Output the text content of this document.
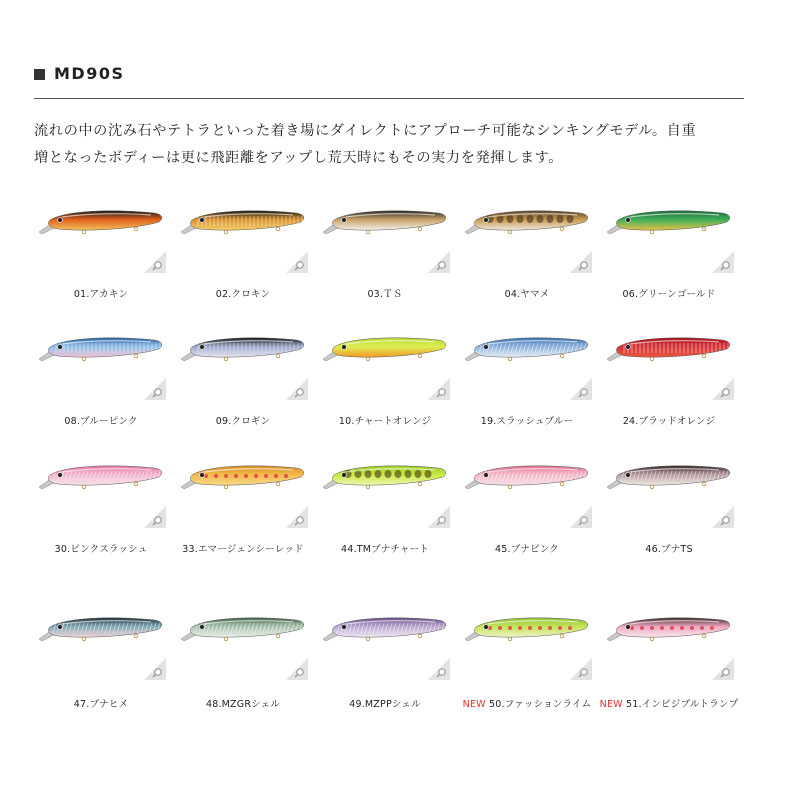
MD90S
流れの中の沈み石やテトラといった着き場にダイレクトにアプローチ可能なシンキングモデル。自重
増となったボディーは更に飛距離をアップし荒天時にもその実力を発揮します。
01.アカキン	02.クロキン	03.ＴＳ	04.ヤマメ	06.グリーンゴールド
08.ブルーピンク	09.クロギン	10.チャートオレンジ	19.スラッシュブルー	24.ブラッドオレンジ
30.ピンクスラッシュ	33.エマージェンシーレッド	44.TMブナチャート	45.ブナピンク	46.ブナTS
47.ブナヒメ	48.MZGRシェル	49.MZPPシェル	NEW 50.ファッションライム NEW 51.インビジブルトランプ
